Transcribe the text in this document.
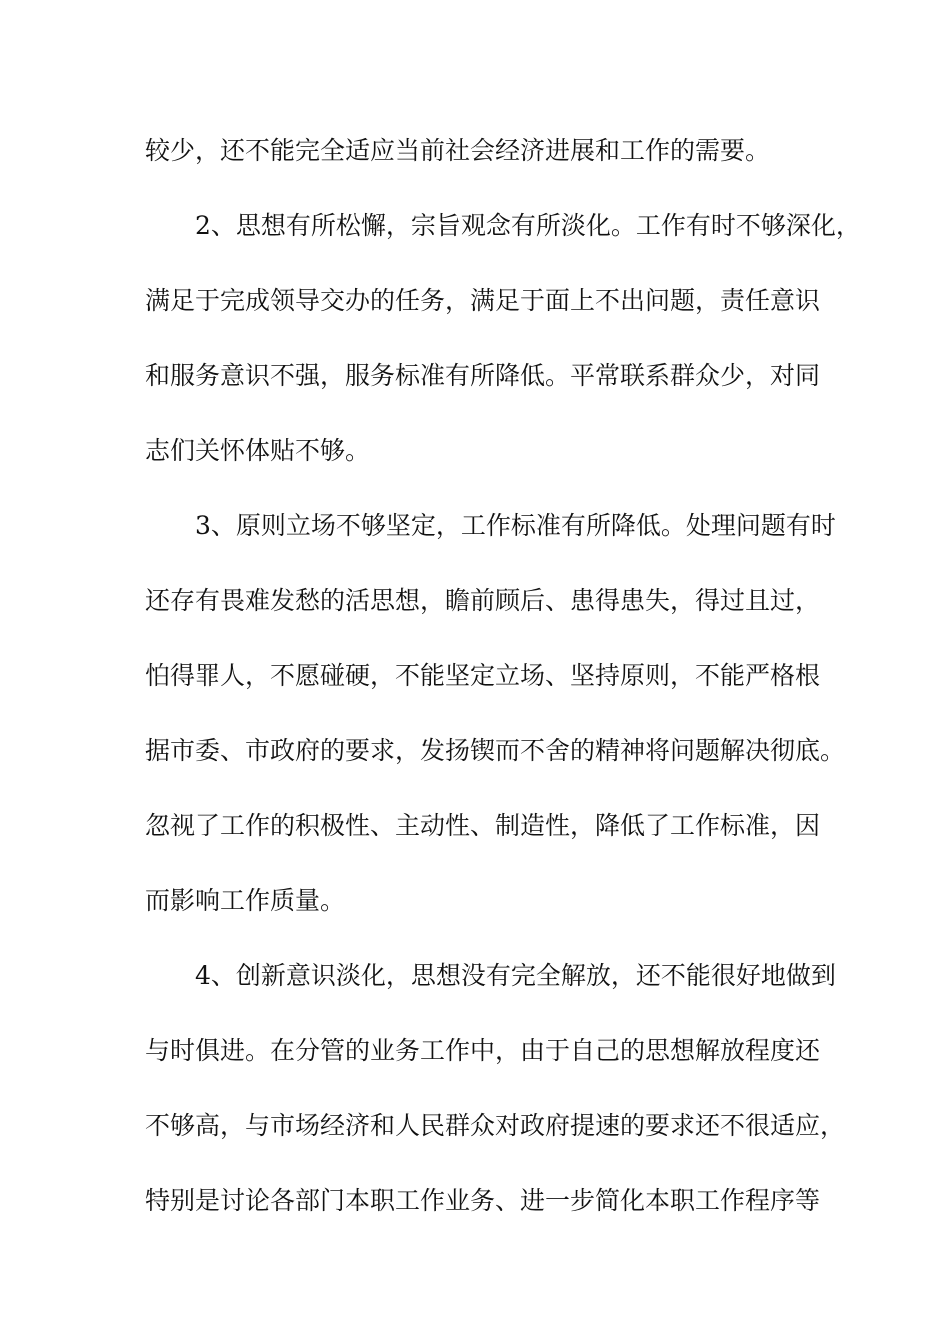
较少，还不能完全适应当前社会经济进展和工作的需要。
2、思想有所松懈，宗旨观念有所淡化。工作有时不够深化，
满足于完成领导交办的任务，满足于面上不出问题，责任意识
和服务意识不强，服务标准有所降低。平常联系群众少，对同
志们关怀体贴不够。
3、原则立场不够坚定，工作标准有所降低。处理问题有时
还存有畏难发愁的活思想，瞻前顾后、患得患失，得过且过，
怕得罪人，不愿碰硬，不能坚定立场、坚持原则，不能严格根
据市委、市政府的要求，发扬锲而不舍的精神将问题解决彻底。
忽视了工作的积极性、主动性、制造性，降低了工作标准，因
而影响工作质量。
4、创新意识淡化，思想没有完全解放，还不能很好地做到
与时俱进。在分管的业务工作中，由于自己的思想解放程度还
不够高，与市场经济和人民群众对政府提速的要求还不很适应，
特别是讨论各部门本职工作业务、进一步简化本职工作程序等
